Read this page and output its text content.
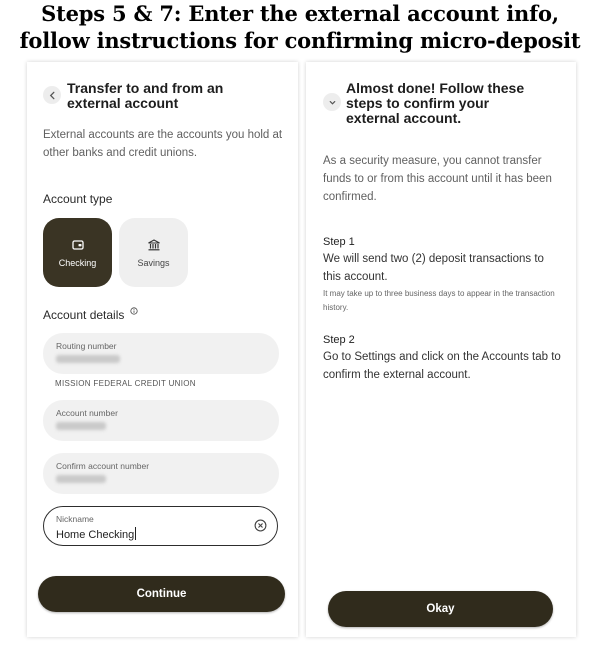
Steps 5 & 7: Enter the external account info,
follow instructions for confirming micro-deposit
Transfer to and from an
external account
External accounts are the accounts you hold at other banks and credit unions.
Account type
Checking	Savings
Account details
Routing number
MISSION FEDERAL CREDIT UNION
Account number
Confirm account number
Nickname
Home Checking
Continue
Almost done! Follow these
steps to confirm your
external account.
As a security measure, you cannot transfer funds to or from this account until it has been confirmed.
Step 1
We will send two (2) deposit transactions to this account.
It may take up to three business days to appear in the transaction history.
Step 2
Go to Settings and click on the Accounts tab to confirm the external account.
Okay
